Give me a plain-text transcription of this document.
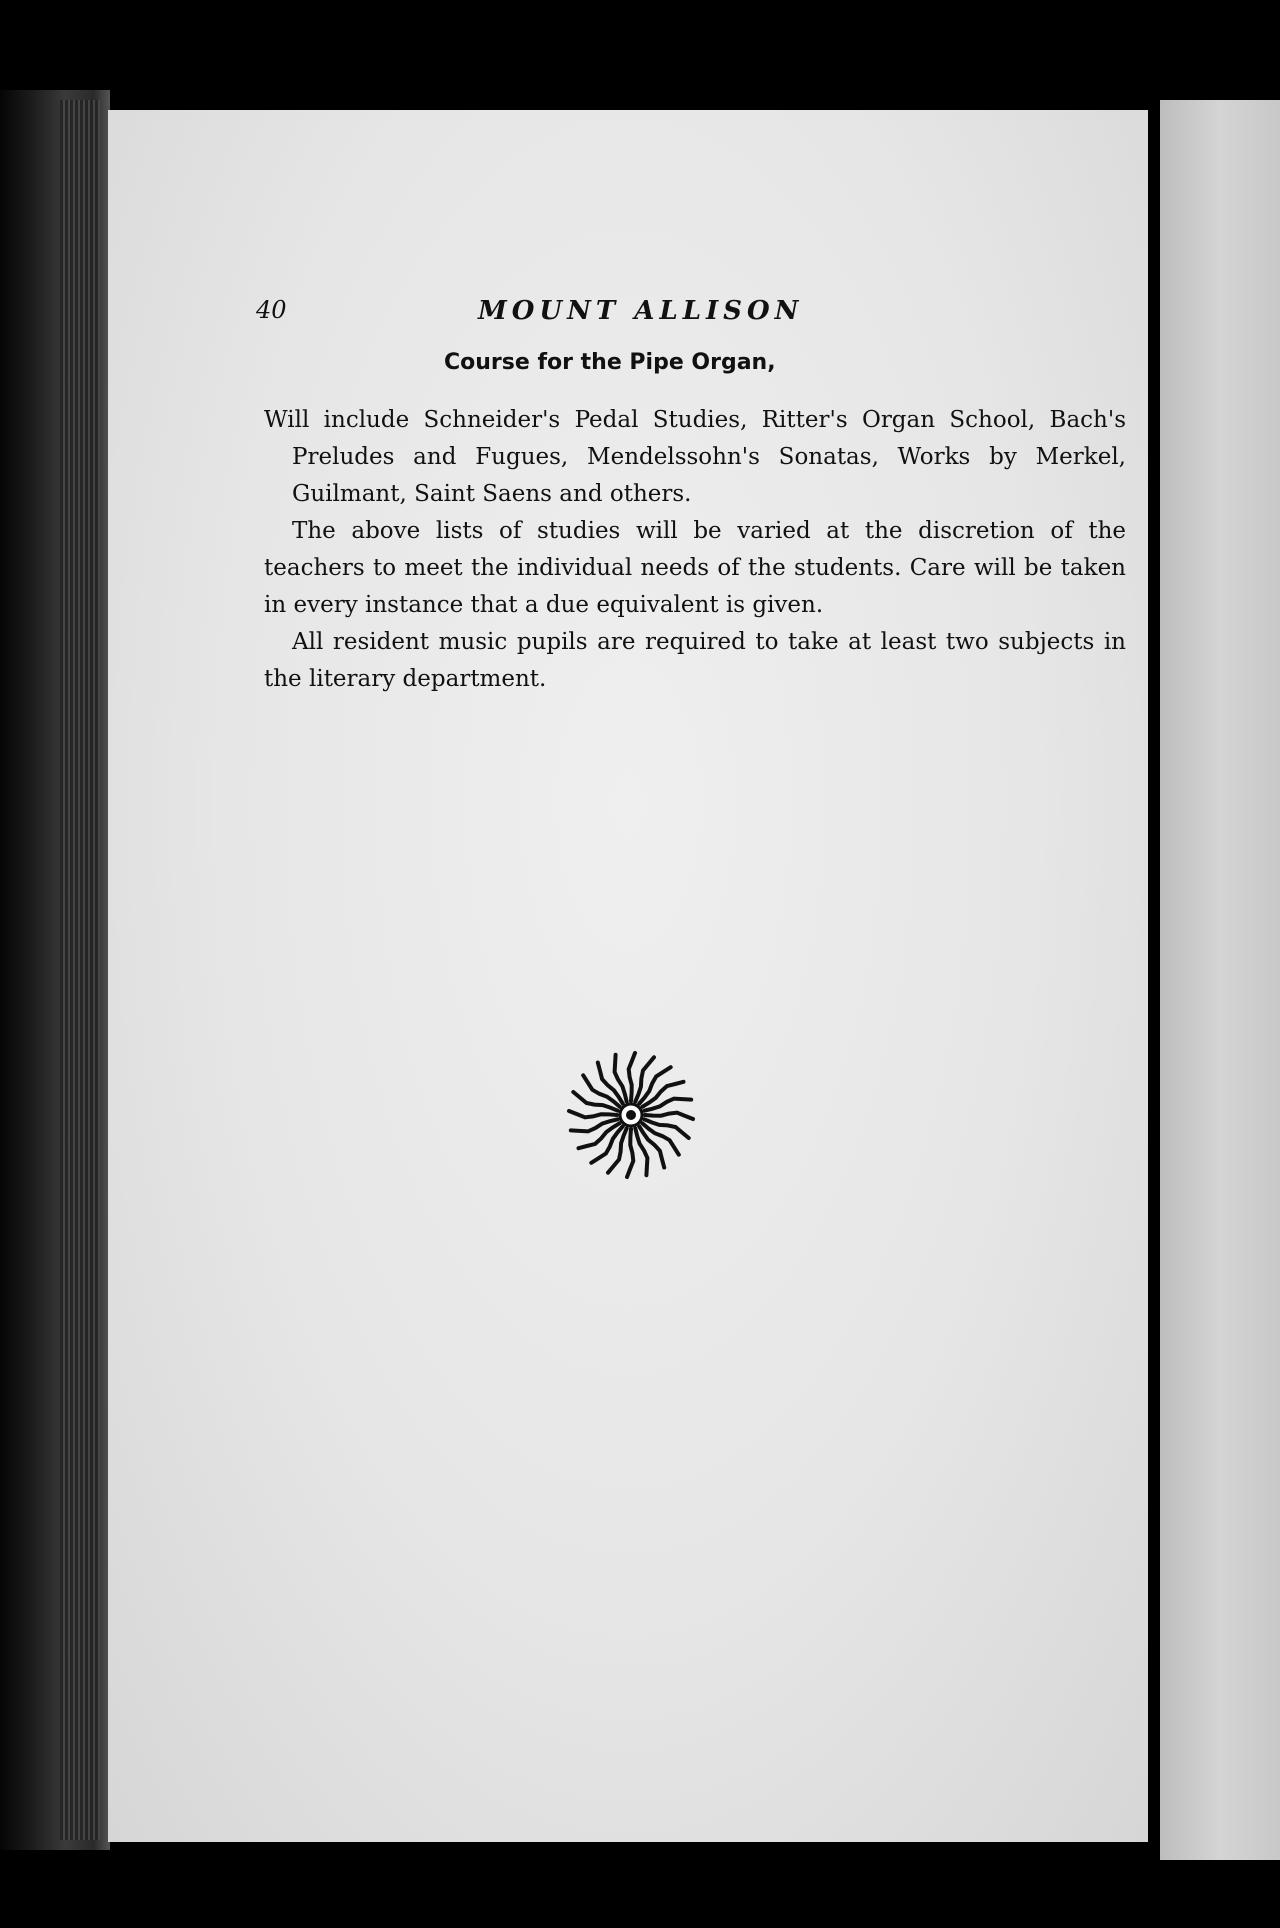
40	MOUNT ALLISON
Course for the Pipe Organ,

Will include Schneider's Pedal Studies, Ritter's Organ School, Bach's Preludes and Fugues, Mendelssohn's Sonatas, Works by Merkel, Guilmant, Saint Saens and others.

The above lists of studies will be varied at the discretion of the teachers to meet the individual needs of the students. Care will be taken in every instance that a due equivalent is given.

All resident music pupils are required to take at least two subjects in the literary department.
